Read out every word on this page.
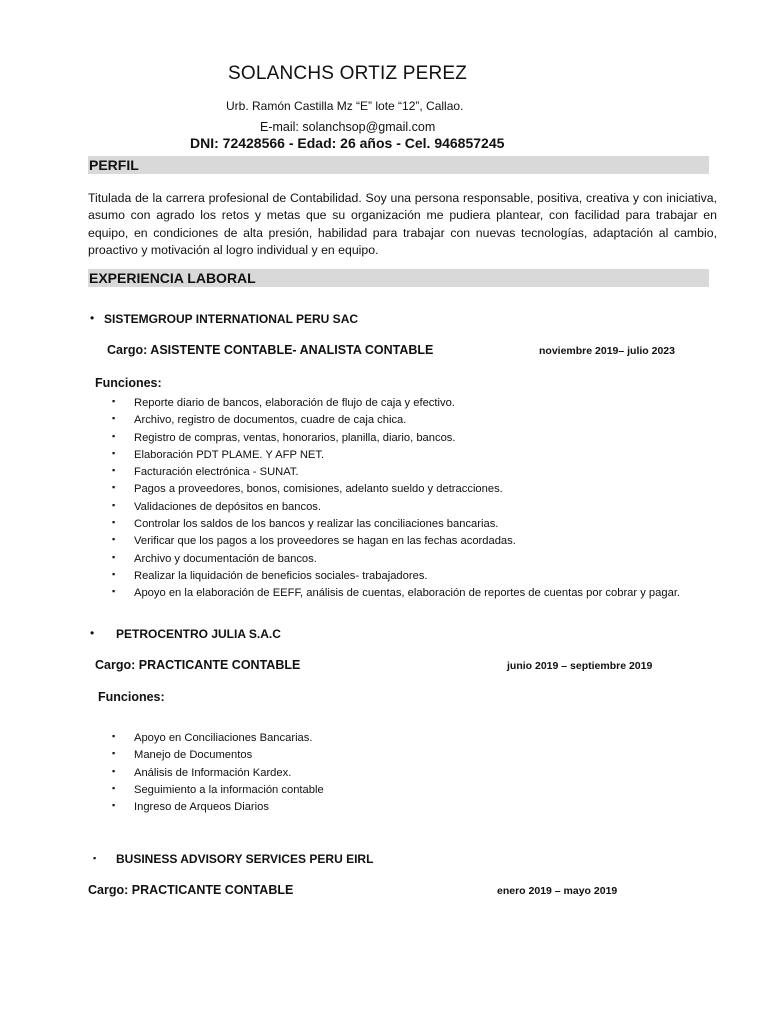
SOLANCHS ORTIZ PEREZ
Urb. Ramón Castilla Mz “E” lote “12”, Callao.
E-mail: solanchsop@gmail.com
DNI: 72428566 - Edad: 26 años - Cel. 946857245
PERFIL
Titulada de la carrera profesional de Contabilidad. Soy una persona responsable, positiva, creativa y con iniciativa, asumo con agrado los retos y metas que su organización me pudiera plantear, con facilidad para trabajar en equipo, en condiciones de alta presión, habilidad para trabajar con nuevas tecnologías, adaptación al cambio, proactivo y motivación al logro individual y en equipo.
EXPERIENCIA LABORAL
• SISTEMGROUP INTERNATIONAL PERU SAC
Cargo: ASISTENTE CONTABLE- ANALISTA CONTABLE	noviembre 2019– julio 2023
Funciones:
▪ Reporte diario de bancos, elaboración de flujo de caja y efectivo.
▪ Archivo, registro de documentos, cuadre de caja chica.
▪ Registro de compras, ventas, honorarios, planilla, diario, bancos.
▪ Elaboración PDT PLAME. Y AFP NET.
▪ Facturación electrónica - SUNAT.
▪ Pagos a proveedores, bonos, comisiones, adelanto sueldo y detracciones.
▪ Validaciones de depósitos en bancos.
▪ Controlar los saldos de los bancos y realizar las conciliaciones bancarias.
▪ Verificar que los pagos a los proveedores se hagan en las fechas acordadas.
▪ Archivo y documentación de bancos.
▪ Realizar la liquidación de beneficios sociales- trabajadores.
▪ Apoyo en la elaboración de EEFF, análisis de cuentas, elaboración de reportes de cuentas por cobrar y pagar.
• PETROCENTRO JULIA S.A.C
Cargo: PRACTICANTE CONTABLE	junio 2019 – septiembre 2019
Funciones:
▪ Apoyo en Conciliaciones Bancarias.
▪ Manejo de Documentos
▪ Análisis de Información Kardex.
▪ Seguimiento a la información contable
▪ Ingreso de Arqueos Diarios
▪ BUSINESS ADVISORY SERVICES PERU EIRL
Cargo: PRACTICANTE CONTABLE	enero 2019 – mayo 2019
